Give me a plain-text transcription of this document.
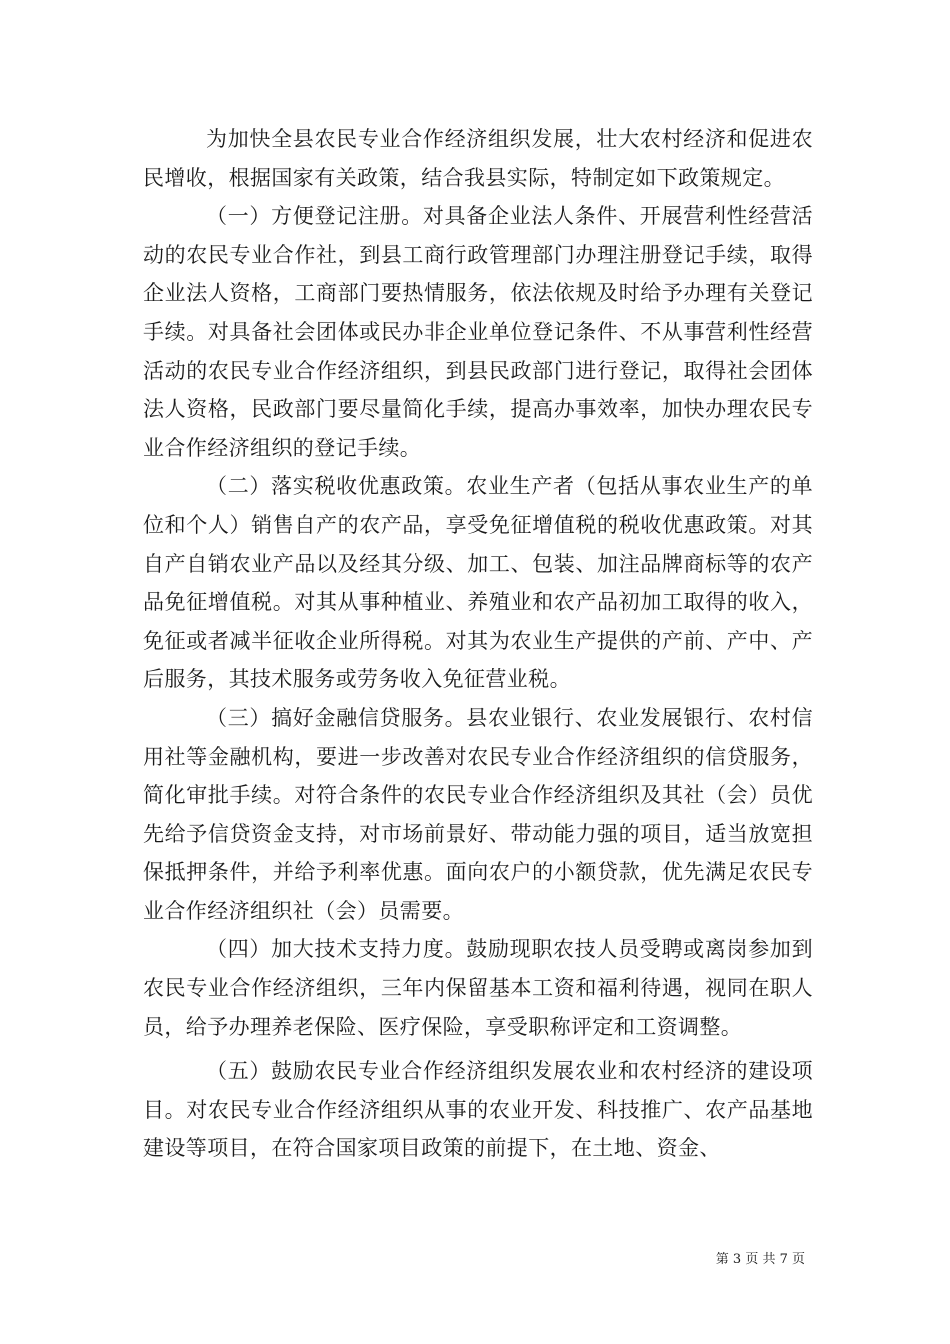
为加快全县农民专业合作经济组织发展，壮大农村经济和促进农民增收，根据国家有关政策，结合我县实际，特制定如下政策规定。

（一）方便登记注册。对具备企业法人条件、开展营利性经营活动的农民专业合作社，到县工商行政管理部门办理注册登记手续，取得企业法人资格，工商部门要热情服务，依法依规及时给予办理有关登记手续。对具备社会团体或民办非企业单位登记条件、不从事营利性经营活动的农民专业合作经济组织，到县民政部门进行登记，取得社会团体法人资格，民政部门要尽量简化手续，提高办事效率，加快办理农民专业合作经济组织的登记手续。

（二）落实税收优惠政策。农业生产者（包括从事农业生产的单位和个人）销售自产的农产品，享受免征增值税的税收优惠政策。对其自产自销农业产品以及经其分级、加工、包装、加注品牌商标等的农产品免征增值税。对其从事种植业、养殖业和农产品初加工取得的收入，免征或者减半征收企业所得税。对其为农业生产提供的产前、产中、产后服务，其技术服务或劳务收入免征营业税。

（三）搞好金融信贷服务。县农业银行、农业发展银行、农村信用社等金融机构，要进一步改善对农民专业合作经济组织的信贷服务，简化审批手续。对符合条件的农民专业合作经济组织及其社（会）员优先给予信贷资金支持，对市场前景好、带动能力强的项目，适当放宽担保抵押条件，并给予利率优惠。面向农户的小额贷款，优先满足农民专业合作经济组织社（会）员需要。

（四）加大技术支持力度。鼓励现职农技人员受聘或离岗参加到农民专业合作经济组织，三年内保留基本工资和福利待遇，视同在职人员，给予办理养老保险、医疗保险，享受职称评定和工资调整。

（五）鼓励农民专业合作经济组织发展农业和农村经济的建设项目。对农民专业合作经济组织从事的农业开发、科技推广、农产品基地建设等项目，在符合国家项目政策的前提下，在土地、资金、

第 3 页 共 7 页
